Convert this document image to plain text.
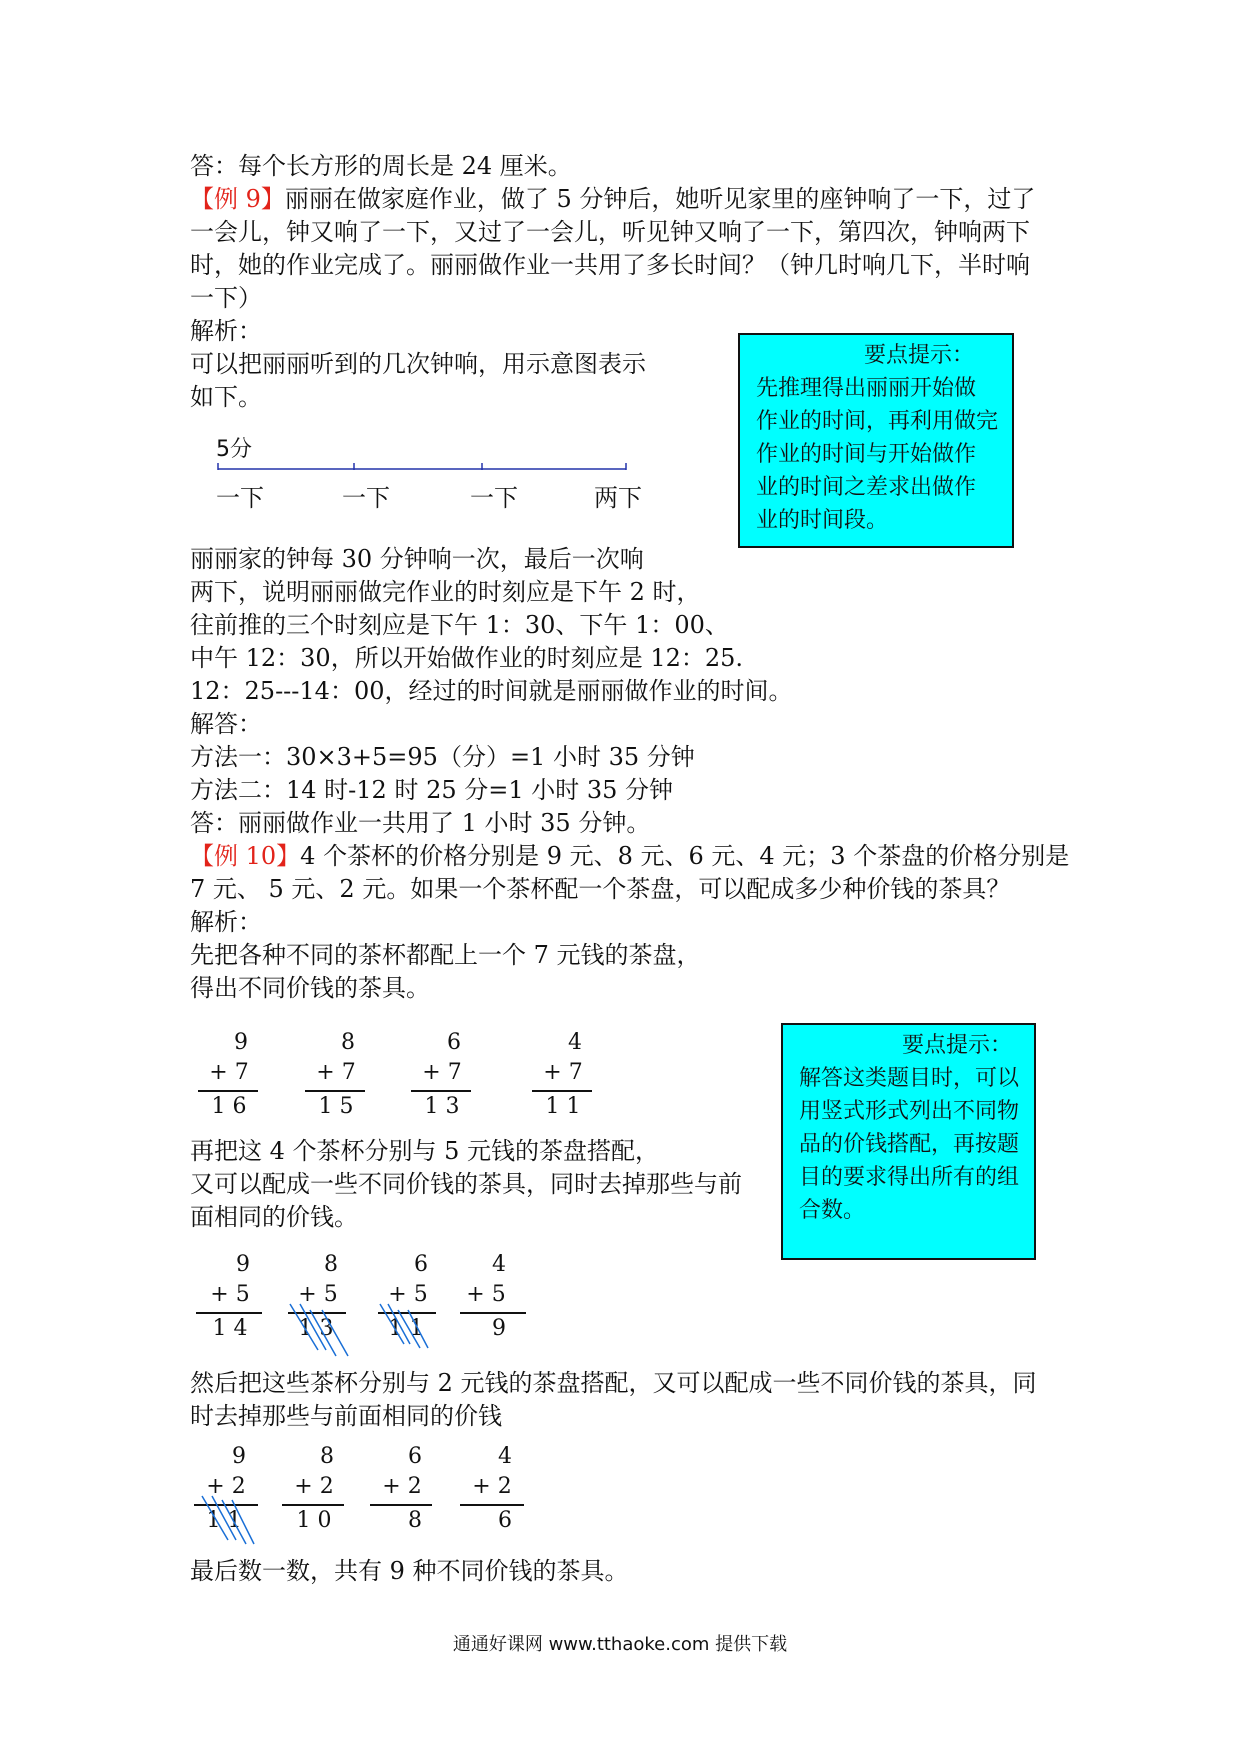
答：每个长方形的周长是 24 厘米。
【例 9】丽丽在做家庭作业，做了 5 分钟后，她听见家里的座钟响了一下，过了
一会儿，钟又响了一下，又过了一会儿，听见钟又响了一下，第四次，钟响两下
时，她的作业完成了。丽丽做作业一共用了多长时间？（钟几时响几下，半时响
一下）
解析：
可以把丽丽听到的几次钟响，用示意图表示
如下。
5分
一下	一下	一下	两下
要点提示：
先推理得出丽丽开始做
作业的时间，再利用做完
作业的时间与开始做作
业的时间之差求出做作
业的时间段。
丽丽家的钟每 30 分钟响一次，最后一次响
两下，说明丽丽做完作业的时刻应是下午 2 时，
往前推的三个时刻应是下午 1：30、下午 1：00、
中午 12：30，所以开始做作业的时刻应是 12：25.
12：25---14：00，经过的时间就是丽丽做作业的时间。
解答：
方法一：30×3+5=95（分）=1 小时 35 分钟
方法二：14 时-12 时 25 分=1 小时 35 分钟
答：丽丽做作业一共用了 1 小时 35 分钟。
【例 10】4 个茶杯的价格分别是 9 元、8 元、6 元、4 元；3 个茶盘的价格分别是
7 元、 5 元、2 元。如果一个茶杯配一个茶盘，可以配成多少种价钱的茶具？
解析：
先把各种不同的茶杯都配上一个 7 元钱的茶盘，
得出不同价钱的茶具。
9
+ 7
1 6
8
+ 7
1 5
6
+ 7
1 3
4
+ 7
1 1
要点提示：
解答这类题目时，可以
用竖式形式列出不同物
品的价钱搭配，再按题
目的要求得出所有的组
合数。
再把这 4 个茶杯分别与 5 元钱的茶盘搭配，
又可以配成一些不同价钱的茶具，同时去掉那些与前
面相同的价钱。
9
+ 5
1 4
8
+ 5
1 3
6
+ 5
1 1
4
+ 5
9
然后把这些茶杯分别与 2 元钱的茶盘搭配，又可以配成一些不同价钱的茶具，同
时去掉那些与前面相同的价钱
9
+ 2
1 1
8
+ 2
1 0
6
+ 2
8
4
+ 2
6
最后数一数，共有 9 种不同价钱的茶具。
通通好课网 www.tthaoke.com 提供下载
